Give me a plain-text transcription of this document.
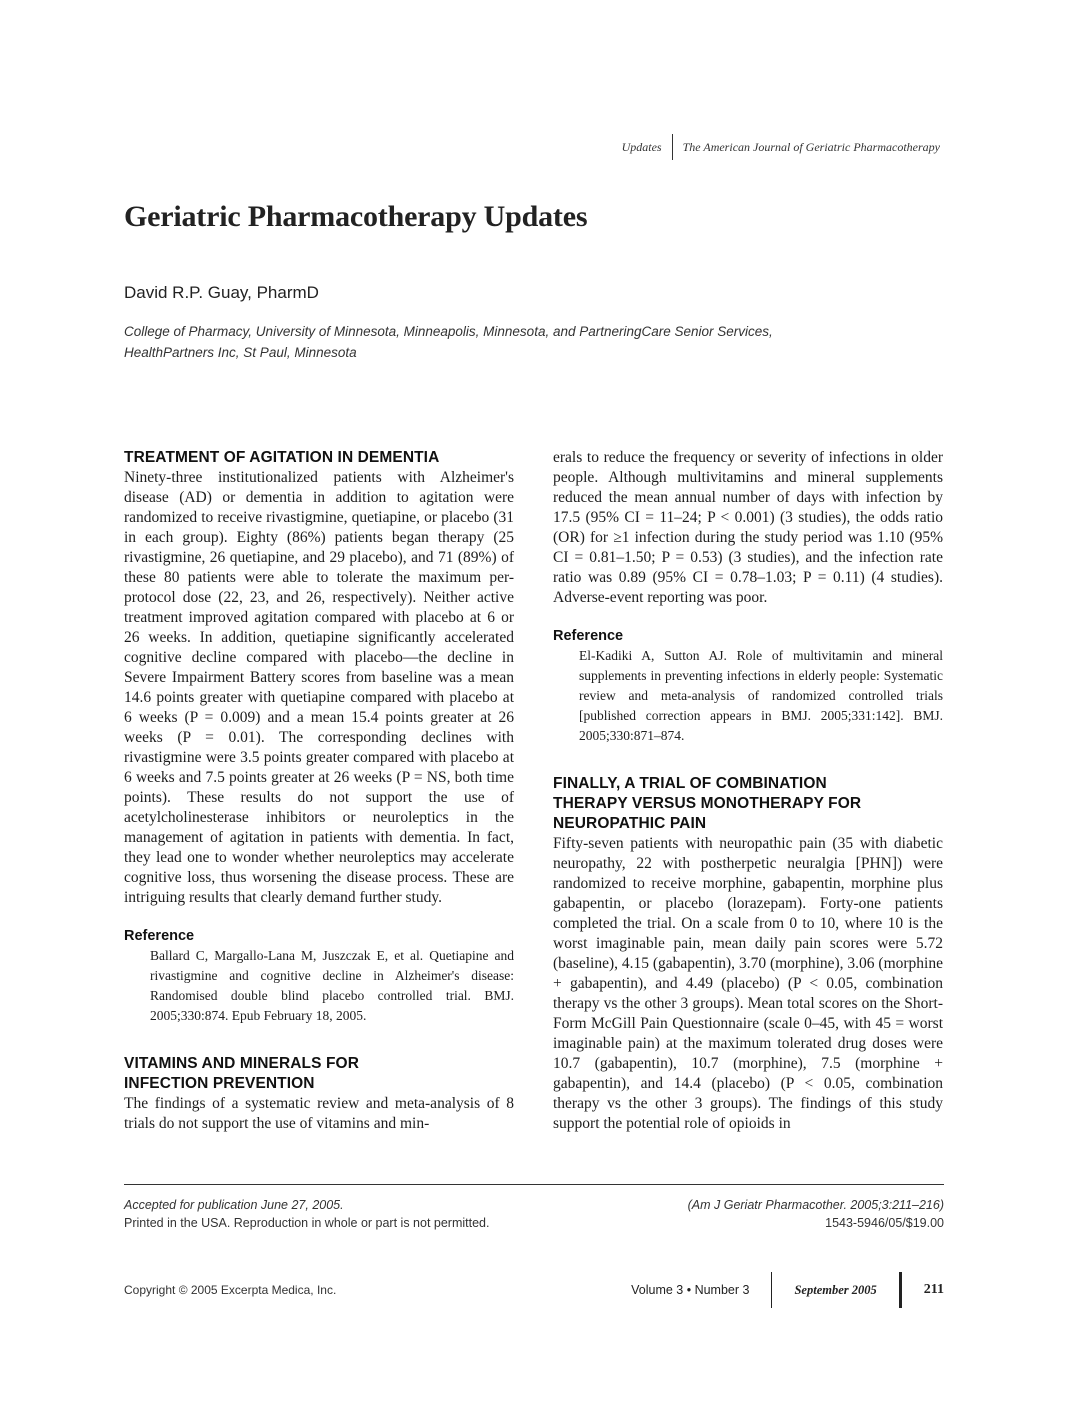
Updates The American Journal of Geriatric Pharmacotherapy
Geriatric Pharmacotherapy Updates
David R.P. Guay, PharmD
College of Pharmacy, University of Minnesota, Minneapolis, Minnesota, and PartneringCare Senior Services, HealthPartners Inc, St Paul, Minnesota
TREATMENT OF AGITATION IN DEMENTIA

Ninety-three institutionalized patients with Alzheimer's disease (AD) or dementia in addition to agitation were randomized to receive rivastigmine, quetiapine, or placebo (31 in each group). Eighty (86%) patients began therapy (25 rivastigmine, 26 quetiapine, and 29 placebo), and 71 (89%) of these 80 patients were able to tolerate the maximum per-protocol dose (22, 23, and 26, respectively). Neither active treatment improved agitation compared with placebo at 6 or 26 weeks. In addition, quetiapine significantly accelerated cognitive decline compared with placebo—the decline in Severe Impairment Battery scores from baseline was a mean 14.6 points greater with quetiapine compared with placebo at 6 weeks (P = 0.009) and a mean 15.4 points greater at 26 weeks (P = 0.01). The corresponding declines with rivastigmine were 3.5 points greater compared with placebo at 6 weeks and 7.5 points greater at 26 weeks (P = NS, both time points). These results do not support the use of acetylcholinesterase inhibitors or neuroleptics in the management of agitation in patients with dementia. In fact, they lead one to wonder whether neuroleptics may accelerate cognitive loss, thus worsening the disease process. These are intriguing results that clearly demand further study.

Reference

Ballard C, Margallo-Lana M, Juszczak E, et al. Quetiapine and rivastigmine and cognitive decline in Alzheimer's disease: Randomised double blind placebo controlled trial. BMJ. 2005;330:874. Epub February 18, 2005.

VITAMINS AND MINERALS FOR
INFECTION PREVENTION

The findings of a systematic review and meta-analysis of 8 trials do not support the use of vitamins and min-

erals to reduce the frequency or severity of infections in older people. Although multivitamins and mineral supplements reduced the mean annual number of days with infection by 17.5 (95% CI = 11–24; P < 0.001) (3 studies), the odds ratio (OR) for ≥1 infection during the study period was 1.10 (95% CI = 0.81–1.50; P = 0.53) (3 studies), and the infection rate ratio was 0.89 (95% CI = 0.78–1.03; P = 0.11) (4 studies). Adverse-event reporting was poor.

Reference

El-Kadiki A, Sutton AJ. Role of multivitamin and mineral supplements in preventing infections in elderly people: Systematic review and meta-analysis of randomized controlled trials [published correction appears in BMJ. 2005;331:142]. BMJ. 2005;330:871–874.

FINALLY, A TRIAL OF COMBINATION
THERAPY VERSUS MONOTHERAPY FOR
NEUROPATHIC PAIN

Fifty-seven patients with neuropathic pain (35 with diabetic neuropathy, 22 with postherpetic neuralgia [PHN]) were randomized to receive morphine, gabapentin, morphine plus gabapentin, or placebo (lorazepam). Forty-one patients completed the trial. On a scale from 0 to 10, where 10 is the worst imaginable pain, mean daily pain scores were 5.72 (baseline), 4.15 (gabapentin), 3.70 (morphine), 3.06 (morphine + gabapentin), and 4.49 (placebo) (P < 0.05, combination therapy vs the other 3 groups). Mean total scores on the Short-Form McGill Pain Questionnaire (scale 0–45, with 45 = worst imaginable pain) at the maximum tolerated drug doses were 10.7 (gabapentin), 10.7 (morphine), 7.5 (morphine + gabapentin), and 14.4 (placebo) (P < 0.05, combination therapy vs the other 3 groups). The findings of this study support the potential role of opioids in

Accepted for publication June 27, 2005.
Printed in the USA. Reproduction in whole or part is not permitted.
(Am J Geriatr Pharmacother. 2005;3:211–216)
1543-5946/05/$19.00
Copyright © 2005 Excerpta Medica, Inc.	Volume 3 • Number 3	September 2005	211
